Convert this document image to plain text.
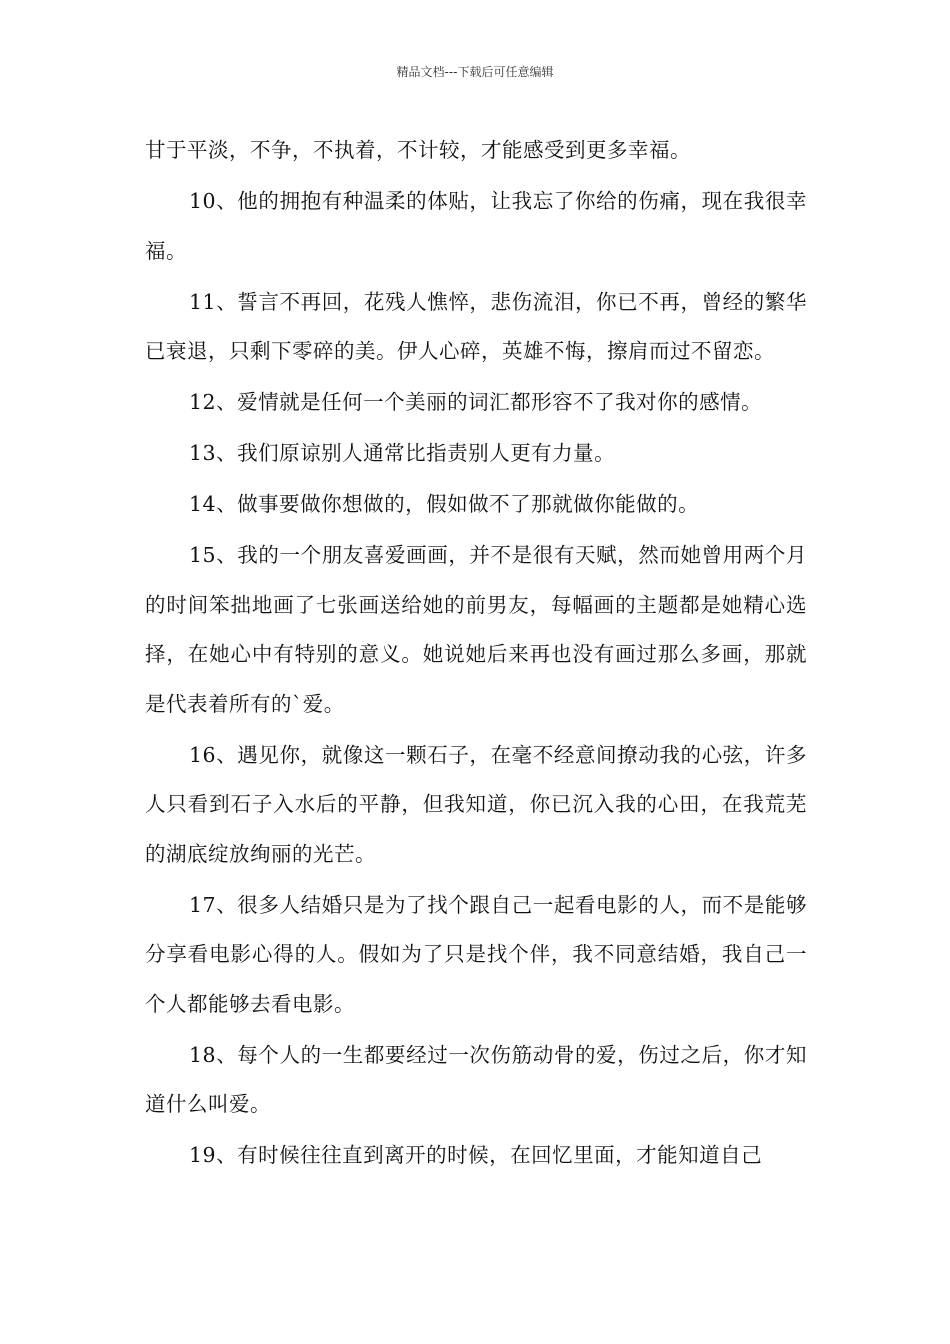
精品文档---下载后可任意编辑

甘于平淡，不争，不执着，不计较，才能感受到更多幸福。

10、他的拥抱有种温柔的体贴，让我忘了你给的伤痛，现在我很幸福。

11、誓言不再回，花残人憔悴，悲伤流泪，你已不再，曾经的繁华已衰退，只剩下零碎的美。伊人心碎，英雄不悔，擦肩而过不留恋。

12、爱情就是任何一个美丽的词汇都形容不了我对你的感情。

13、我们原谅别人通常比指责别人更有力量。

14、做事要做你想做的，假如做不了那就做你能做的。

15、我的一个朋友喜爱画画，并不是很有天赋，然而她曾用两个月的时间笨拙地画了七张画送给她的前男友，每幅画的主题都是她精心选择，在她心中有特别的意义。她说她后来再也没有画过那么多画，那就是代表着所有的`爱。

16、遇见你，就像这一颗石子，在毫不经意间撩动我的心弦，许多人只看到石子入水后的平静，但我知道，你已沉入我的心田，在我荒芜的湖底绽放绚丽的光芒。

17、很多人结婚只是为了找个跟自己一起看电影的人，而不是能够分享看电影心得的人。假如为了只是找个伴，我不同意结婚，我自己一个人都能够去看电影。

18、每个人的一生都要经过一次伤筋动骨的爱，伤过之后，你才知道什么叫爱。

19、有时候往往直到离开的时候，在回忆里面，才能知道自己
